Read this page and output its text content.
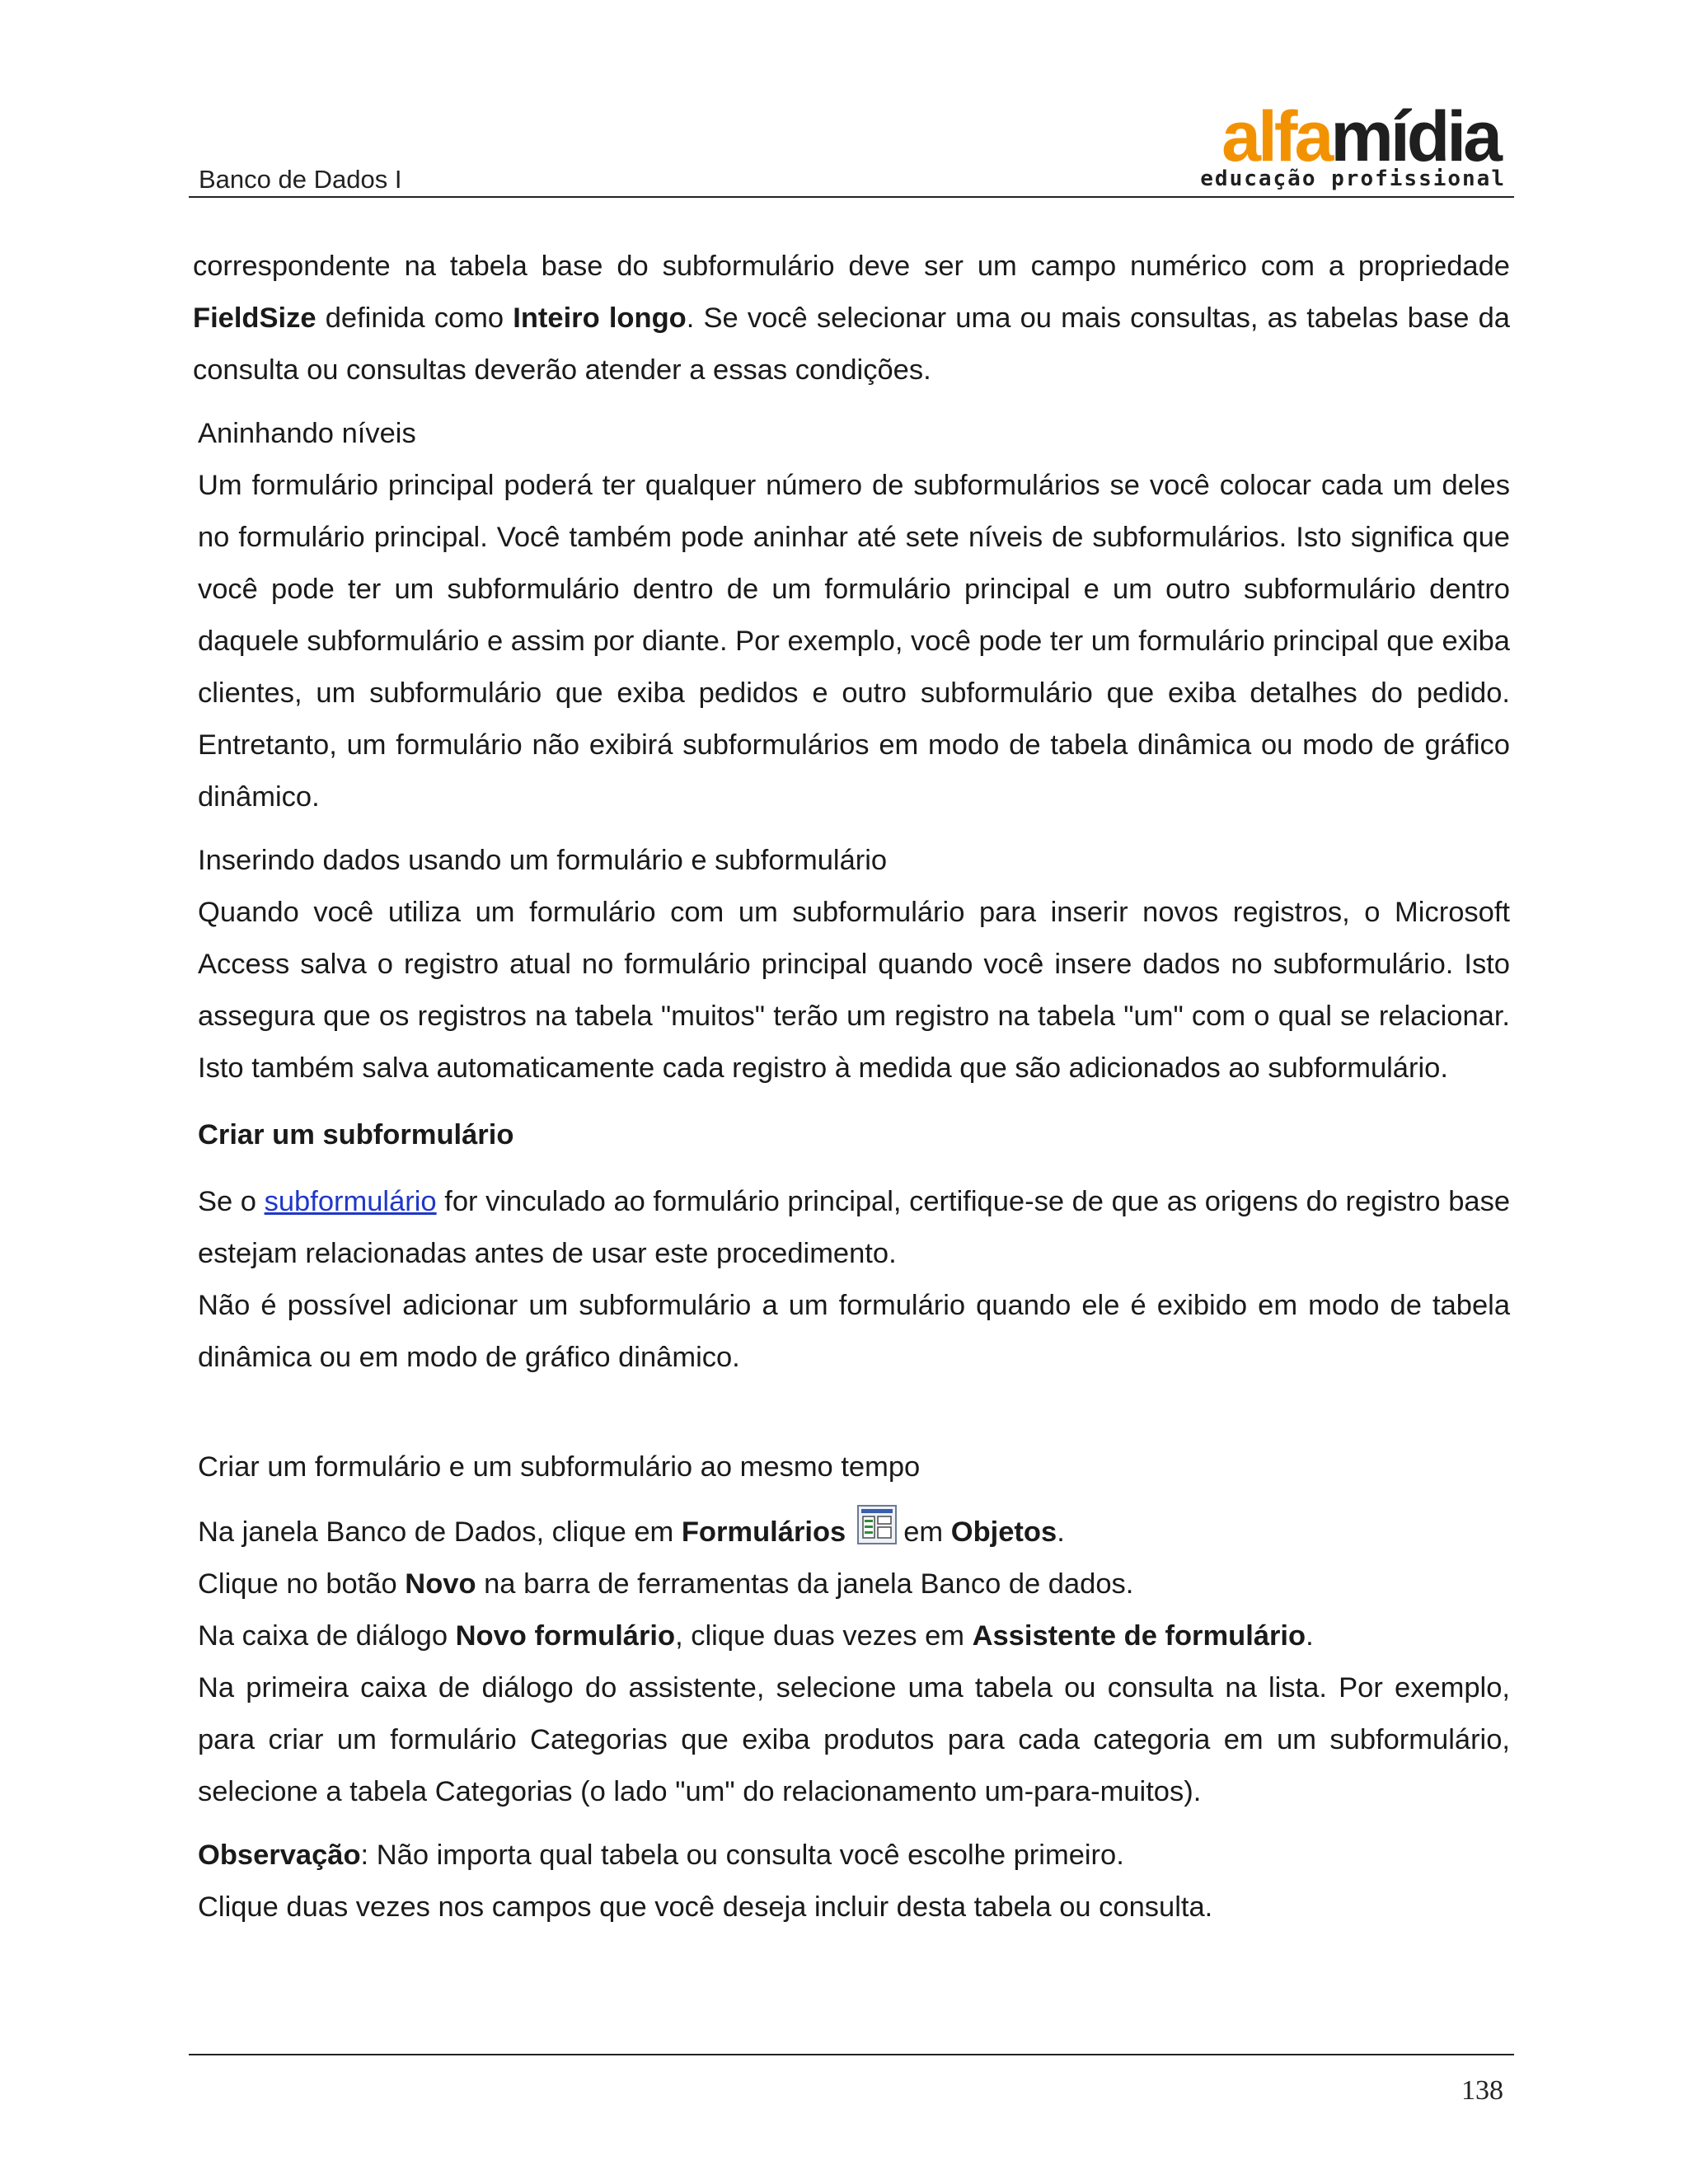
Banco de Dados I
alfamídia
educação profissional

correspondente na tabela base do subformulário deve ser um campo numérico com a propriedade FieldSize definida como Inteiro longo. Se você selecionar uma ou mais consultas, as tabelas base da consulta ou consultas deverão atender a essas condições.

Aninhando níveis

Um formulário principal poderá ter qualquer número de subformulários se você colocar cada um deles no formulário principal. Você também pode aninhar até sete níveis de subformulários. Isto significa que você pode ter um subformulário dentro de um formulário principal e um outro subformulário dentro daquele subformulário e assim por diante. Por exemplo, você pode ter um formulário principal que exiba clientes, um subformulário que exiba pedidos e outro subformulário que exiba detalhes do pedido. Entretanto, um formulário não exibirá subformulários em modo de tabela dinâmica ou modo de gráfico dinâmico.

Inserindo dados usando um formulário e subformulário

Quando você utiliza um formulário com um subformulário para inserir novos registros, o Microsoft Access salva o registro atual no formulário principal quando você insere dados no subformulário. Isto assegura que os registros na tabela "muitos" terão um registro na tabela "um" com o qual se relacionar. Isto também salva automaticamente cada registro à medida que são adicionados ao subformulário.

Criar um subformulário

Se o subformulário for vinculado ao formulário principal, certifique-se de que as origens do registro base estejam relacionadas antes de usar este procedimento.

Não é possível adicionar um subformulário a um formulário quando ele é exibido em modo de tabela dinâmica ou em modo de gráfico dinâmico.

Criar um formulário e um subformulário ao mesmo tempo

Na janela Banco de Dados, clique em Formulários em Objetos.

Clique no botão Novo na barra de ferramentas da janela Banco de dados.

Na caixa de diálogo Novo formulário, clique duas vezes em Assistente de formulário.

Na primeira caixa de diálogo do assistente, selecione uma tabela ou consulta na lista. Por exemplo, para criar um formulário Categorias que exiba produtos para cada categoria em um subformulário, selecione a tabela Categorias (o lado "um" do relacionamento um-para-muitos).

Observação: Não importa qual tabela ou consulta você escolhe primeiro.

Clique duas vezes nos campos que você deseja incluir desta tabela ou consulta.

138
